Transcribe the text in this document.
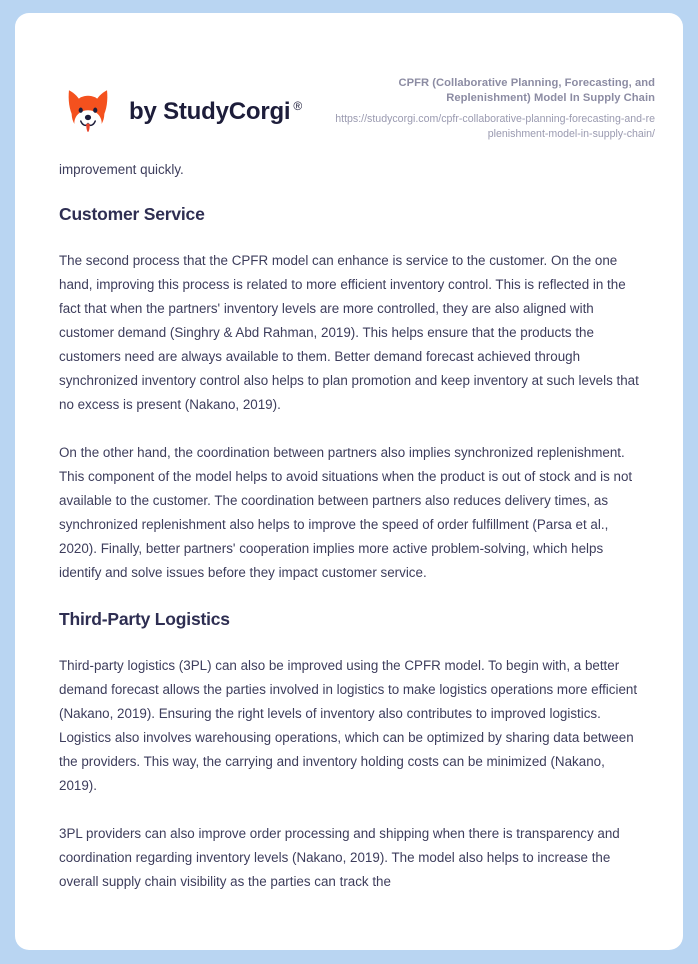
by StudyCorgi ®
CPFR (Collaborative Planning, Forecasting, and Replenishment) Model In Supply Chain
https://studycorgi.com/cpfr-collaborative-planning-forecasting-and-replenishment-model-in-supply-chain/

improvement quickly.

Customer Service

The second process that the CPFR model can enhance is service to the customer. On the one hand, improving this process is related to more efficient inventory control. This is reflected in the fact that when the partners' inventory levels are more controlled, they are also aligned with customer demand (Singhry & Abd Rahman, 2019). This helps ensure that the products the customers need are always available to them. Better demand forecast achieved through synchronized inventory control also helps to plan promotion and keep inventory at such levels that no excess is present (Nakano, 2019).

On the other hand, the coordination between partners also implies synchronized replenishment. This component of the model helps to avoid situations when the product is out of stock and is not available to the customer. The coordination between partners also reduces delivery times, as synchronized replenishment also helps to improve the speed of order fulfillment (Parsa et al., 2020). Finally, better partners' cooperation implies more active problem-solving, which helps identify and solve issues before they impact customer service.

Third-Party Logistics

Third-party logistics (3PL) can also be improved using the CPFR model. To begin with, a better demand forecast allows the parties involved in logistics to make logistics operations more efficient (Nakano, 2019). Ensuring the right levels of inventory also contributes to improved logistics. Logistics also involves warehousing operations, which can be optimized by sharing data between the providers. This way, the carrying and inventory holding costs can be minimized (Nakano, 2019).

3PL providers can also improve order processing and shipping when there is transparency and coordination regarding inventory levels (Nakano, 2019). The model also helps to increase the overall supply chain visibility as the parties can track the
